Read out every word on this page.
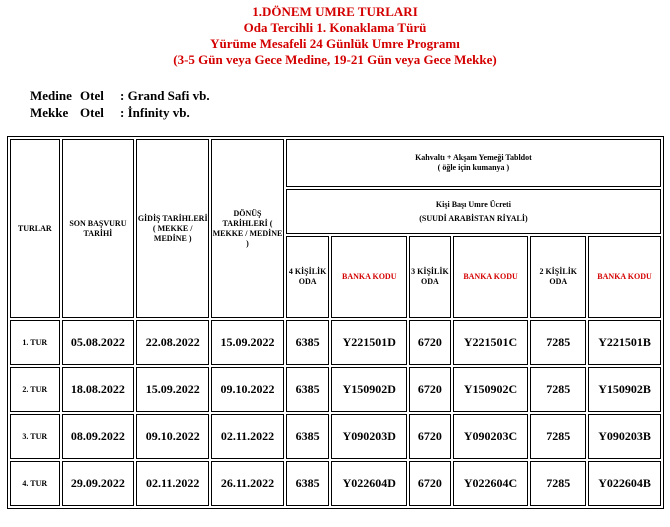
1.DÖNEM UMRE TURLARI
Oda Tercihli 1. Konaklama Türü
Yürüme Mesafeli 24 Günlük Umre Programı
(3-5 Gün veya Gece Medine, 19-21 Gün veya Gece Mekke)
Medine Otel : Grand Safi vb.
Mekke Otel : İnfinity vb.
TURLAR	SON BAŞVURU TARİHİ	GİDİŞ TARİHLERİ ( MEKKE / MEDİNE )	DÖNÜŞ TARİHLERİ ( MEKKE / MEDİNE )	Kahvaltı + Akşam Yemeği Tabldot
( öğle için kumanya )					

				Kişi Başı Umre Ücreti
(SUUDİ ARABİSTAN RİYALİ)					

				4 KİŞİLİK ODA	BANKA KODU	3 KİŞİLİK ODA	BANKA KODU	2 KİŞİLİK ODA	BANKA KODU
1. TUR	05.08.2022	22.08.2022	15.09.2022	6385	Y221501D	6720	Y221501C	7285	Y221501B
2. TUR	18.08.2022	15.09.2022	09.10.2022	6385	Y150902D	6720	Y150902C	7285	Y150902B
3. TUR	08.09.2022	09.10.2022	02.11.2022	6385	Y090203D	6720	Y090203C	7285	Y090203B
4. TUR	29.09.2022	02.11.2022	26.11.2022	6385	Y022604D	6720	Y022604C	7285	Y022604B
